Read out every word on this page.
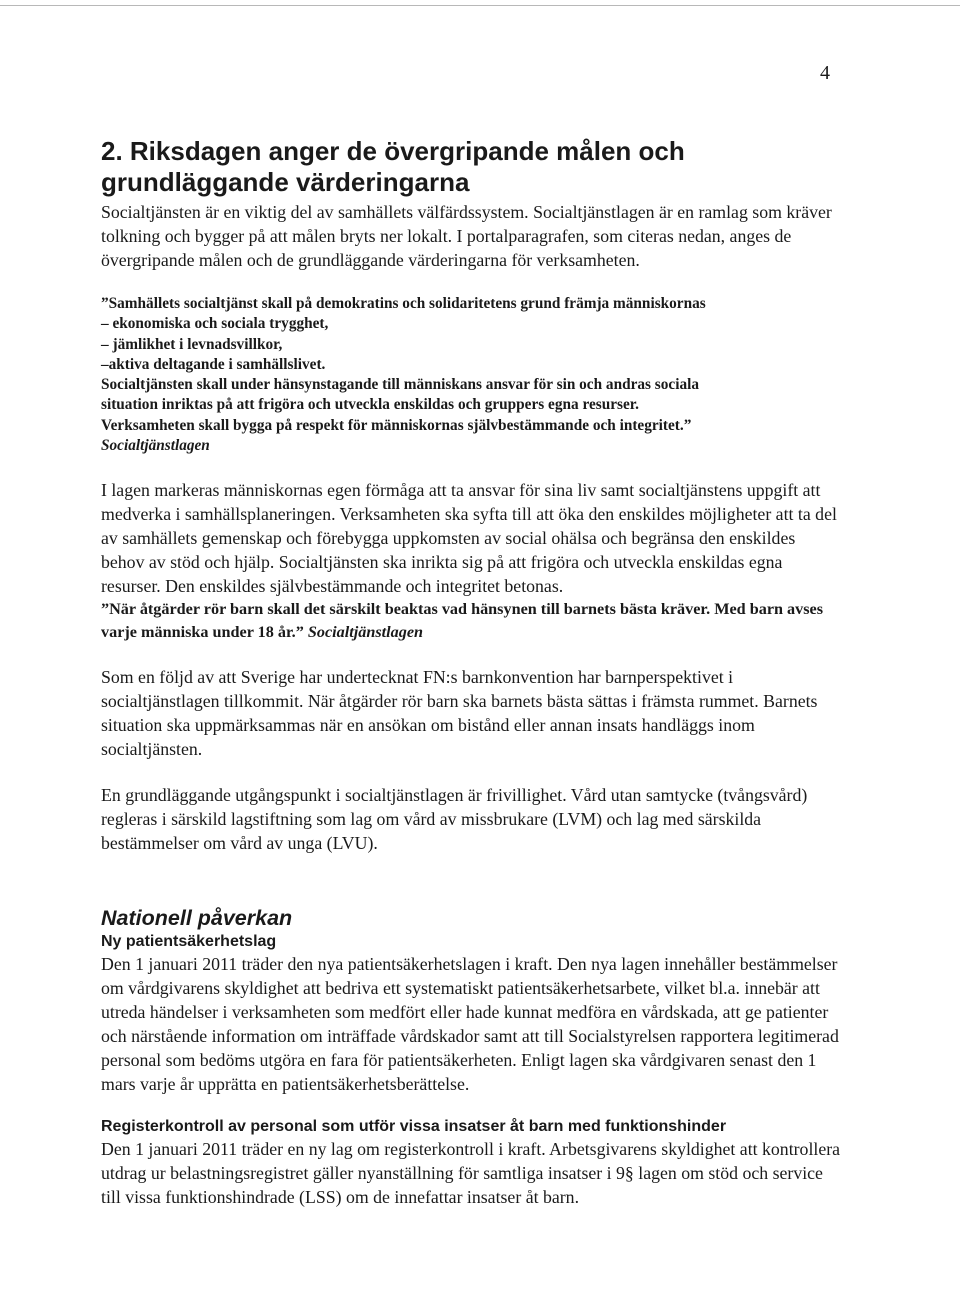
4
2. Riksdagen anger de övergripande målen och grundläggande värderingarna

Socialtjänsten är en viktig del av samhällets välfärdssystem. Socialtjänstlagen är en ramlag som kräver tolkning och bygger på att målen bryts ner lokalt. I portalparagrafen, som citeras nedan, anges de övergripande målen och de grundläggande värderingarna för verksamheten.

”Samhällets socialtjänst skall på demokratins och solidaritetens grund främja människornas
– ekonomiska och sociala trygghet,
– jämlikhet i levnadsvillkor,
–aktiva deltagande i samhällslivet.
Socialtjänsten skall under hänsynstagande till människans ansvar för sin och andras sociala
situation inriktas på att frigöra och utveckla enskildas och gruppers egna resurser.
Verksamheten skall bygga på respekt för människornas självbestämmande och integritet.”
Socialtjänstlagen

I lagen markeras människornas egen förmåga att ta ansvar för sina liv samt socialtjänstens uppgift att medverka i samhällsplaneringen. Verksamheten ska syfta till att öka den enskildes möjligheter att ta del av samhällets gemenskap och förebygga uppkomsten av social ohälsa och begränsa den enskildes behov av stöd och hjälp. Socialtjänsten ska inrikta sig på att frigöra och utveckla enskildas egna resurser. Den enskildes självbestämmande och integritet betonas.

”När åtgärder rör barn skall det särskilt beaktas vad hänsynen till barnets bästa kräver. Med barn avses varje människa under 18 år.” Socialtjänstlagen

Som en följd av att Sverige har undertecknat FN:s barnkonvention har barnperspektivet i socialtjänstlagen tillkommit. När åtgärder rör barn ska barnets bästa sättas i främsta rummet. Barnets situation ska uppmärksammas när en ansökan om bistånd eller annan insats handläggs inom socialtjänsten.

En grundläggande utgångspunkt i socialtjänstlagen är frivillighet. Vård utan samtycke (tvångsvård) regleras i särskild lagstiftning som lag om vård av missbrukare (LVM) och lag med särskilda bestämmelser om vård av unga (LVU).

Nationell påverkan
Ny patientsäkerhetslag

Den 1 januari 2011 träder den nya patientsäkerhetslagen i kraft. Den nya lagen innehåller bestämmelser om vårdgivarens skyldighet att bedriva ett systematiskt patientsäkerhetsarbete, vilket bl.a. innebär att utreda händelser i verksamheten som medfört eller hade kunnat medföra en vårdskada, att ge patienter och närstående information om inträffade vårdskador samt att till Socialstyrelsen rapportera legitimerad personal som bedöms utgöra en fara för patientsäkerheten. Enligt lagen ska vårdgivaren senast den 1 mars varje år upprätta en patientsäkerhetsberättelse.

Registerkontroll av personal som utför vissa insatser åt barn med funktionshinder

Den 1 januari 2011 träder en ny lag om registerkontroll i kraft. Arbetsgivarens skyldighet att kontrollera utdrag ur belastningsregistret gäller nyanställning för samtliga insatser i 9§ lagen om stöd och service till vissa funktionshindrade (LSS) om de innefattar insatser åt barn.
